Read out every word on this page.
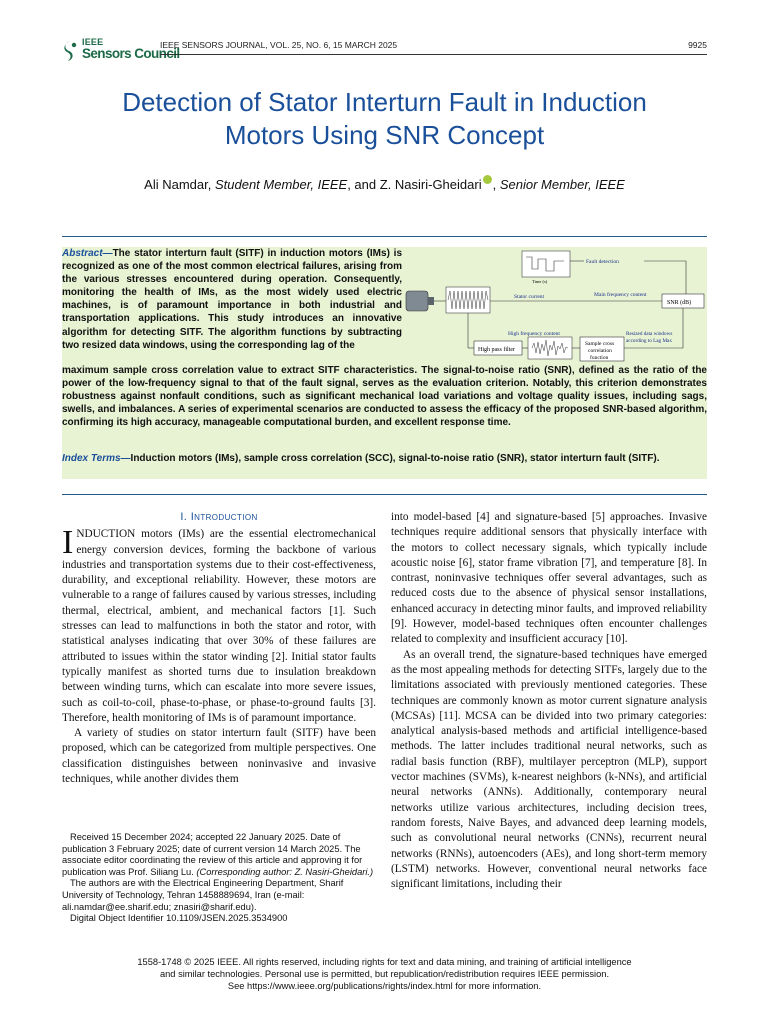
IEEE
Sensors Council
IEEE SENSORS JOURNAL, VOL. 25, NO. 6, 15 MARCH 2025	9925
Detection of Stator Interturn Fault in Induction
Motors Using SNR Concept
Ali Namdar, Student Member, IEEE, and Z. Nasiri-Gheidari , Senior Member, IEEE
Abstract—The stator interturn fault (SITF) in induction motors (IMs) is recognized as one of the most common electrical failures, arising from the various stresses encountered during operation. Consequently, monitoring the health of IMs, as the most widely used electric machines, is of paramount importance in both industrial and transportation applications. This study introduces an innovative algorithm for detecting SITF. The algorithm functions by subtracting two resized data windows, using the corresponding lag of the
Time (s)
Fault detection
Stator current	Main frequency content
SNR (dB)
High pass filter
High frequency content
Sample cross
correlation
function
Resized data windows
according to Lag Max
maximum sample cross correlation value to extract SITF characteristics. The signal-to-noise ratio (SNR), defined as the ratio of the power of the low-frequency signal to that of the fault signal, serves as the evaluation criterion. Notably, this criterion demonstrates robustness against nonfault conditions, such as significant mechanical load variations and voltage quality issues, including sags, swells, and imbalances. A series of experimental scenarios are conducted to assess the efficacy of the proposed SNR-based algorithm, confirming its high accuracy, manageable computational burden, and excellent response time.
Index Terms—Induction motors (IMs), sample cross correlation (SCC), signal-to-noise ratio (SNR), stator interturn fault (SITF).

I. Introduction

INDUCTION motors (IMs) are the essential electromechanical energy conversion devices, forming the backbone of various industries and transportation systems due to their cost-effectiveness, durability, and exceptional reliability. However, these motors are vulnerable to a range of failures caused by various stresses, including thermal, electrical, ambient, and mechanical factors [1]. Such stresses can lead to malfunctions in both the stator and rotor, with statistical analyses indicating that over 30% of these failures are attributed to issues within the stator winding [2]. Initial stator faults typically manifest as shorted turns due to insulation breakdown between winding turns, which can escalate into more severe issues, such as coil-to-coil, phase-to-phase, or phase-to-ground faults [3]. Therefore, health monitoring of IMs is of paramount importance.

A variety of studies on stator interturn fault (SITF) have been proposed, which can be categorized from multiple perspectives. One classification distinguishes between noninvasive and invasive techniques, while another divides them

Received 15 December 2024; accepted 22 January 2025. Date of publication 3 February 2025; date of current version 14 March 2025. The associate editor coordinating the review of this article and approving it for publication was Prof. Siliang Lu. (Corresponding author: Z. Nasiri-Gheidari.)

The authors are with the Electrical Engineering Department, Sharif University of Technology, Tehran 1458889694, Iran (e-mail: ali.namdar@ee.sharif.edu; znasiri@sharif.edu).

Digital Object Identifier 10.1109/JSEN.2025.3534900

into model-based [4] and signature-based [5] approaches. Invasive techniques require additional sensors that physically interface with the motors to collect necessary signals, which typically include acoustic noise [6], stator frame vibration [7], and temperature [8]. In contrast, noninvasive techniques offer several advantages, such as reduced costs due to the absence of physical sensor installations, enhanced accuracy in detecting minor faults, and improved reliability [9]. However, model-based techniques often encounter challenges related to complexity and insufficient accuracy [10].

As an overall trend, the signature-based techniques have emerged as the most appealing methods for detecting SITFs, largely due to the limitations associated with previously mentioned categories. These techniques are commonly known as motor current signature analysis (MCSAs) [11]. MCSA can be divided into two primary categories: analytical analysis-based methods and artificial intelligence-based methods. The latter includes traditional neural networks, such as radial basis function (RBF), multilayer perceptron (MLP), support vector machines (SVMs), k-nearest neighbors (k-NNs), and artificial neural networks (ANNs). Additionally, contemporary neural networks utilize various architectures, including decision trees, random forests, Naive Bayes, and advanced deep learning models, such as convolutional neural networks (CNNs), recurrent neural networks (RNNs), autoencoders (AEs), and long short-term memory (LSTM) networks. However, conventional neural networks face significant limitations, including their

1558-1748 © 2025 IEEE. All rights reserved, including rights for text and data mining, and training of artificial intelligence
and similar technologies. Personal use is permitted, but republication/redistribution requires IEEE permission.
See https://www.ieee.org/publications/rights/index.html for more information.
